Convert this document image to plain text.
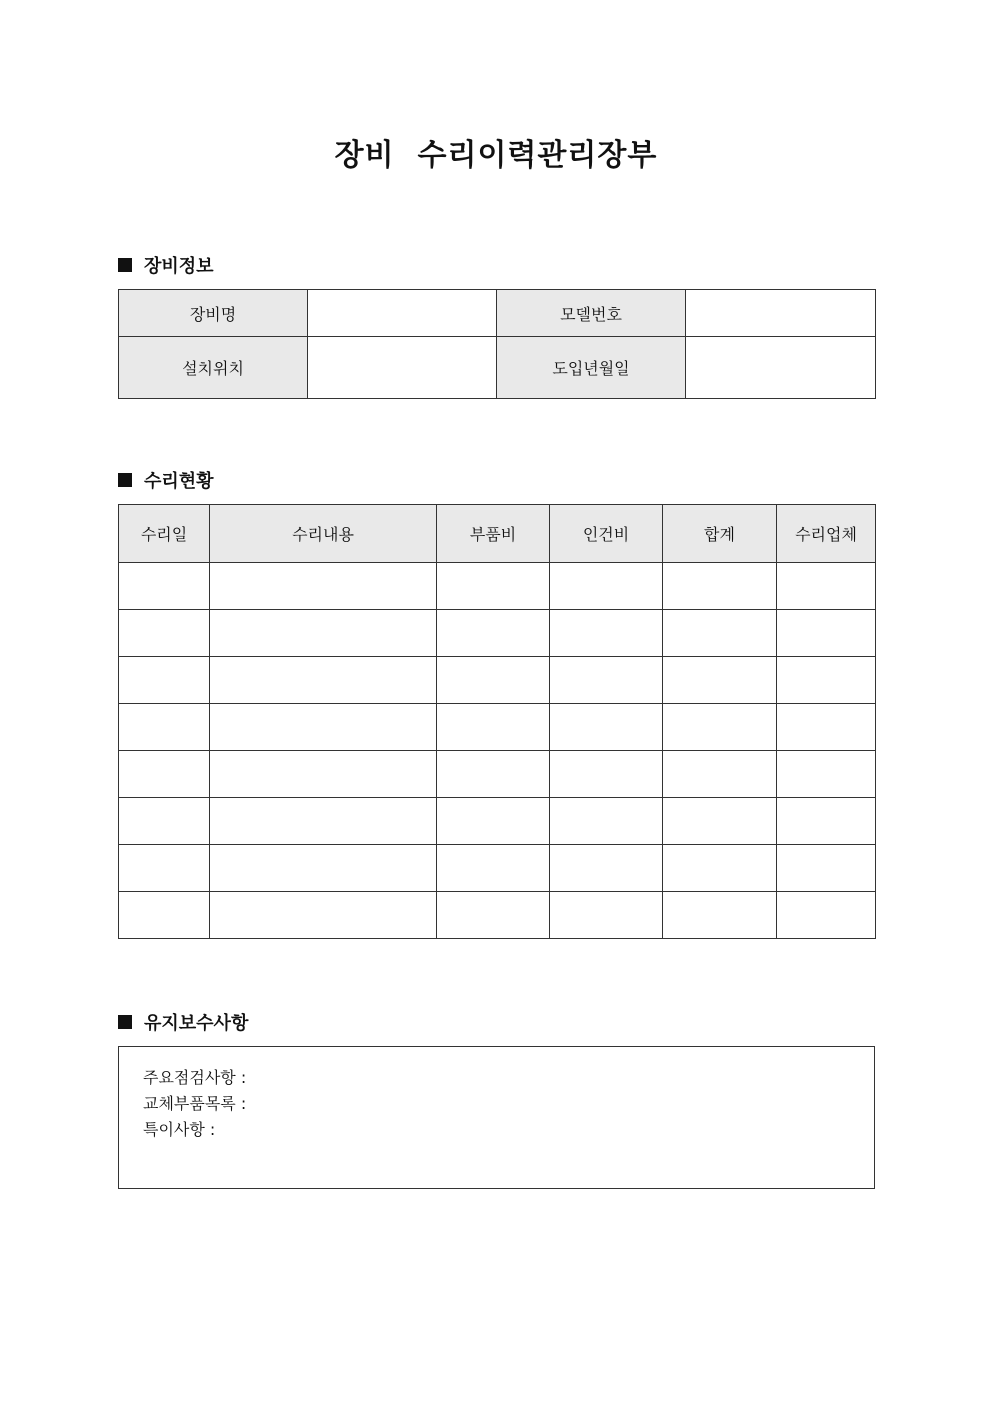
장비  수리이력관리장부
장비정보
장비명		모델번호	
설치위치		도입년월일	
수리현황
수리일	수리내용	부품비	인건비	합계	수리업체

유지보수사항
주요점검사항 :
교체부품목록 :
특이사항 :
